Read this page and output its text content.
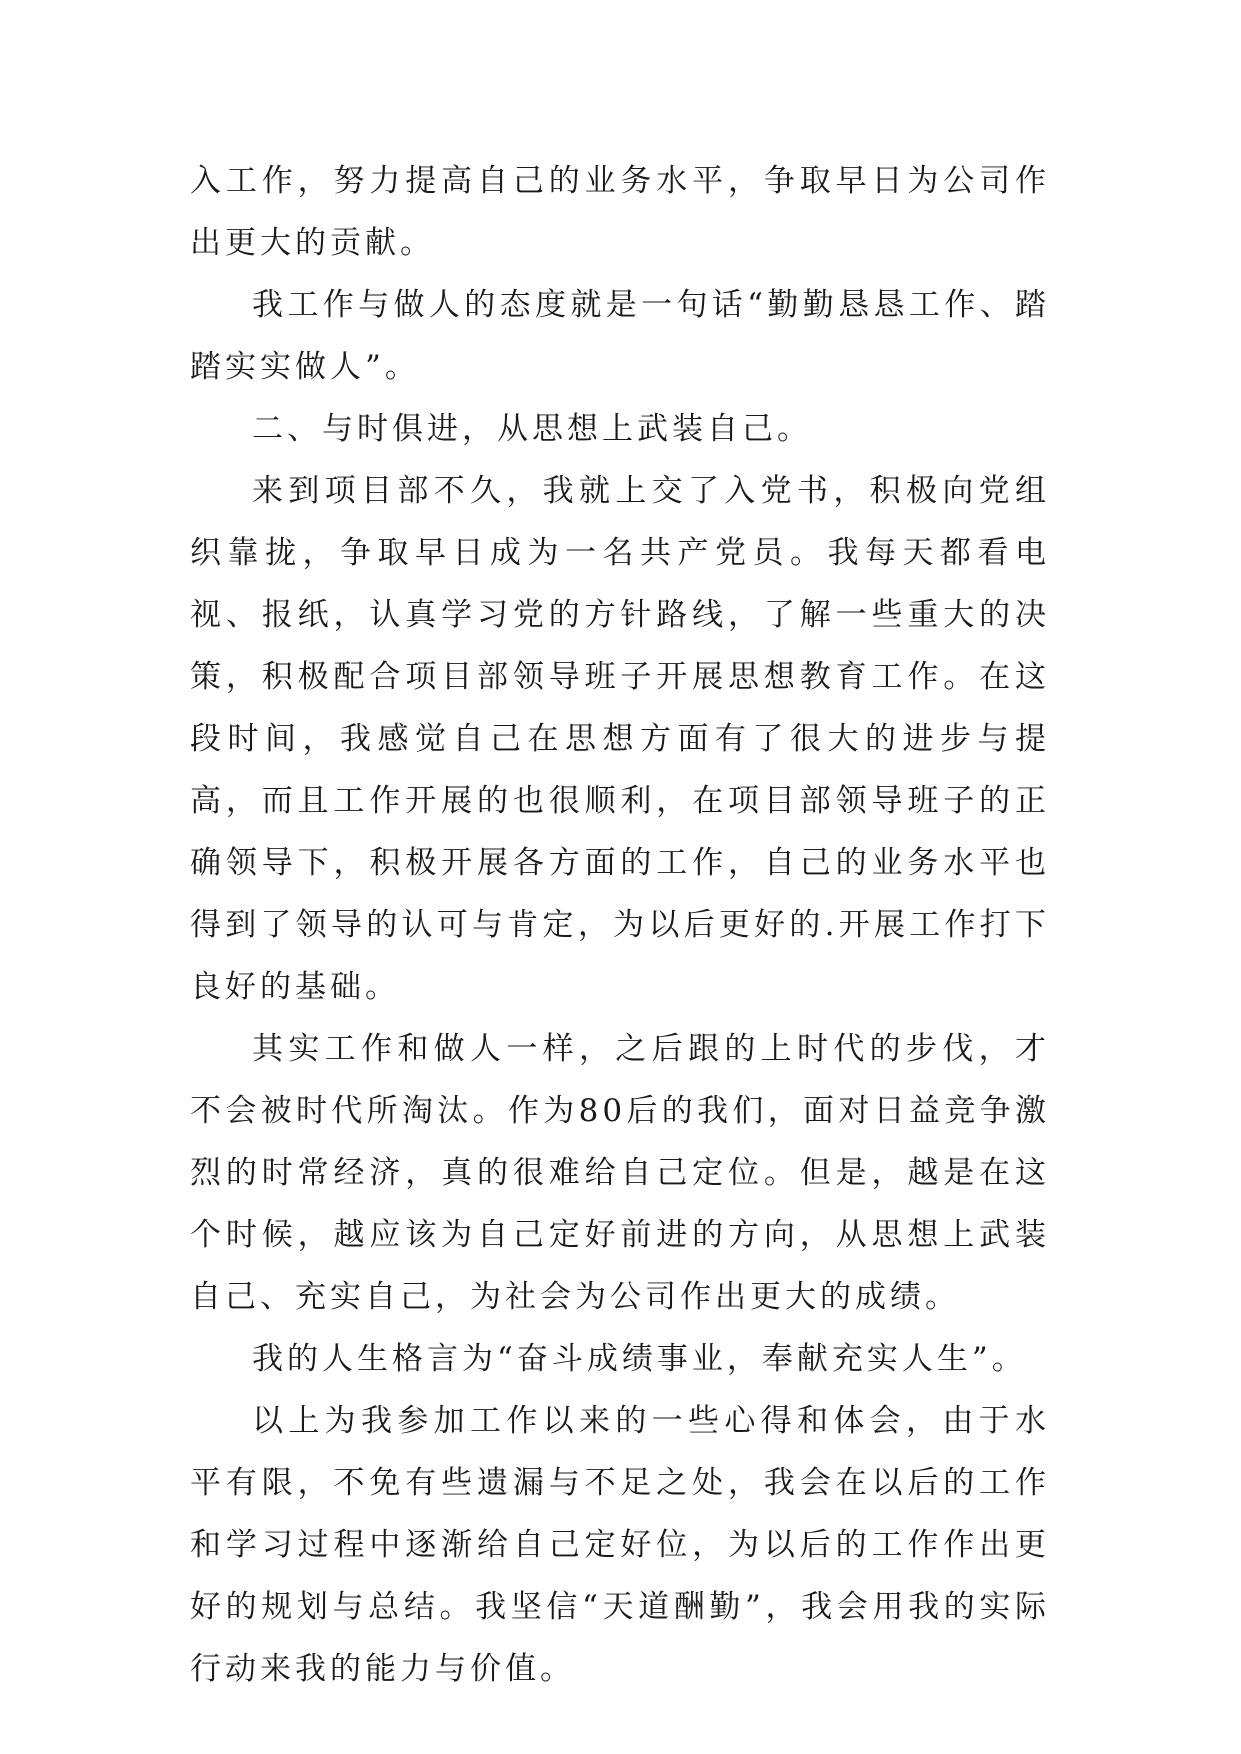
入工作，努力提高自己的业务水平，争取早日为公司作出更大的贡献。

我工作与做人的态度就是一句话“勤勤恳恳工作、踏踏实实做人”。

二、与时俱进，从思想上武装自己。

来到项目部不久，我就上交了入党书，积极向党组织靠拢，争取早日成为一名共产党员。我每天都看电视、报纸，认真学习党的方针路线，了解一些重大的决策，积极配合项目部领导班子开展思想教育工作。在这段时间，我感觉自己在思想方面有了很大的进步与提高，而且工作开展的也很顺利，在项目部领导班子的正确领导下，积极开展各方面的工作，自己的业务水平也得到了领导的认可与肯定，为以后更好的.开展工作打下良好的基础。

其实工作和做人一样，之后跟的上时代的步伐，才不会被时代所淘汰。作为80后的我们，面对日益竞争激烈的时常经济，真的很难给自己定位。但是，越是在这个时候，越应该为自己定好前进的方向，从思想上武装自己、充实自己，为社会为公司作出更大的成绩。

我的人生格言为“奋斗成绩事业，奉献充实人生”。

以上为我参加工作以来的一些心得和体会，由于水平有限，不免有些遗漏与不足之处，我会在以后的工作和学习过程中逐渐给自己定好位，为以后的工作作出更好的规划与总结。我坚信“天道酬勤”，我会用我的实际行动来我的能力与价值。
